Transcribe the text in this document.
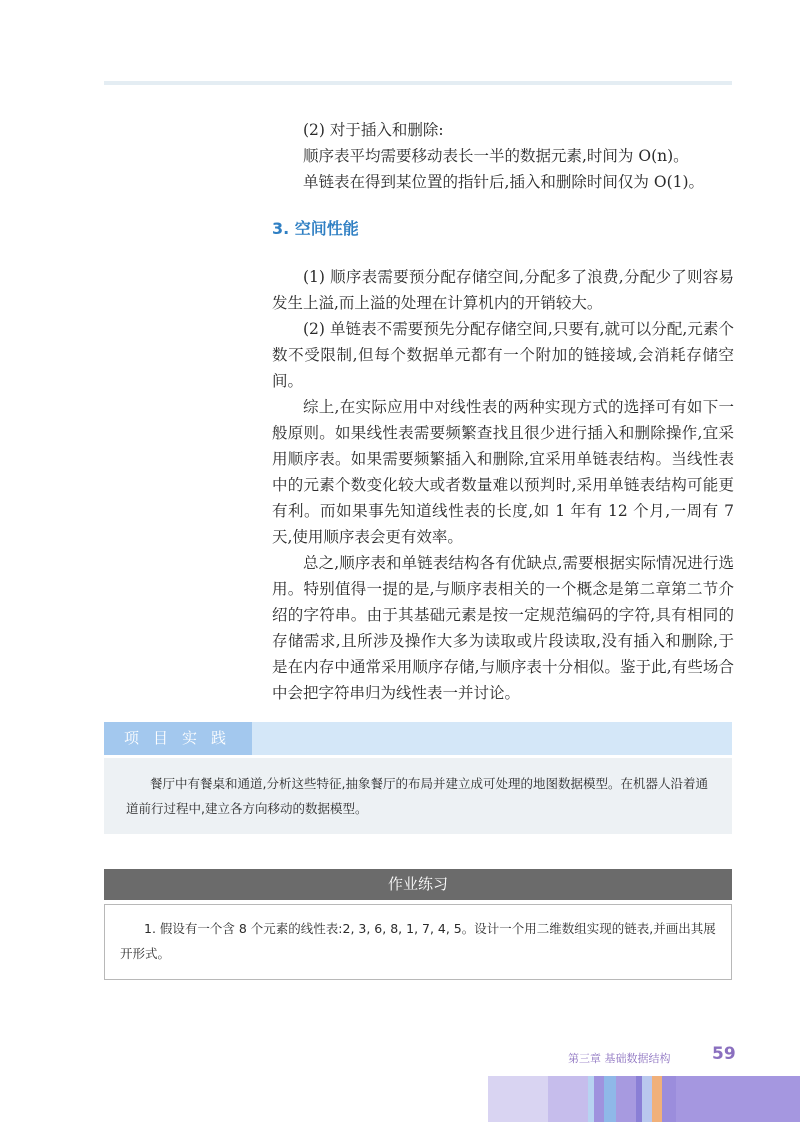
(2) 对于插入和删除:

顺序表平均需要移动表长一半的数据元素,时间为 O(n)。

单链表在得到某位置的指针后,插入和删除时间仅为 O(1)。

3. 空间性能

(1) 顺序表需要预分配存储空间,分配多了浪费,分配少了则容易发生上溢,而上溢的处理在计算机内的开销较大。

(2) 单链表不需要预先分配存储空间,只要有,就可以分配,元素个数不受限制,但每个数据单元都有一个附加的链接域,会消耗存储空间。

综上,在实际应用中对线性表的两种实现方式的选择可有如下一般原则。如果线性表需要频繁查找且很少进行插入和删除操作,宜采用顺序表。如果需要频繁插入和删除,宜采用单链表结构。当线性表中的元素个数变化较大或者数量难以预判时,采用单链表结构可能更有利。而如果事先知道线性表的长度,如 1 年有 12 个月,一周有 7 天,使用顺序表会更有效率。

总之,顺序表和单链表结构各有优缺点,需要根据实际情况进行选用。特别值得一提的是,与顺序表相关的一个概念是第二章第二节介绍的字符串。由于其基础元素是按一定规范编码的字符,具有相同的存储需求,且所涉及操作大多为读取或片段读取,没有插入和删除,于是在内存中通常采用顺序存储,与顺序表十分相似。鉴于此,有些场合中会把字符串归为线性表一并讨论。

项目实践

餐厅中有餐桌和通道,分析这些特征,抽象餐厅的布局并建立成可处理的地图数据模型。在机器人沿着通道前行过程中,建立各方向移动的数据模型。

作业练习

1. 假设有一个含 8 个元素的线性表:2, 3, 6, 8, 1, 7, 4, 5。设计一个用二维数组实现的链表,并画出其展开形式。

第三章 基础数据结构 59
